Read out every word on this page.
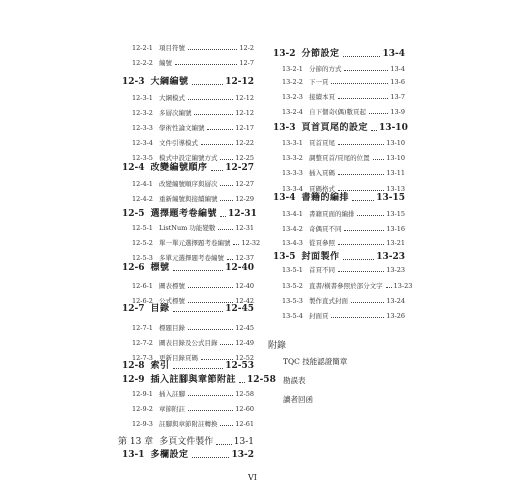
12-2-1 項目符號	12-2
12-2-2 編號	12-7
12-3 大綱編號	12-12
12-3-1 大綱模式	12-12
12-3-2 多層次編號	12-12
12-3-3 學術性論文編號	12-17
12-3-4 文件引導模式	12-22
12-3-5 模式中設定編號方式	12-25
12-4 改變編號順序 12-27
12-4-1 改變編號順序與層次	12-27
12-4-2 重新編號與接續編號	12-29
12-5 選擇題考卷編號 12-31
12-5-1 ListNum 功能變數	12-31
12-5-2 單一單元選擇題考卷編號 12-32
12-5-3 多單元選擇題考卷編號 12-37
12-6 標號	12-40
12-6-1 圖表標號	12-40
12-6-2 公式標號	12-42
12-7 目錄	12-45
12-7-1 標題目錄	12-45
12-7-2 圖表目錄及公式目錄	12-49
12-7-3 更新目錄頁碼	12-52
12-8 索引	12-53
12-9 插入註腳與章節附註 12-58
12-9-1 插入註腳	12-58
12-9-2 章節附註	12-60
12-9-3 註腳與章節附註轉換	12-61
第 13 章 多頁文件製作 13-1
13-1 多欄設定	13-2
13-2 分節設定	13-4
13-2-1 分節的方式	13-4
13-2-2 下一頁	13-6
13-2-3 接續本頁	13-7
13-2-4 自下個奇(偶)數頁起	13-9
13-3 頁首頁尾的設定 13-10
13-3-1 頁首頁尾	13-10
13-3-2 調整頁首/頁尾的位置	13-10
13-3-3 插入頁碼	13-11
13-3-4 頁碼格式	13-13
13-4 書籍的編排	13-15
13-4-1 書籍頁面的編排	13-15
13-4-2 奇偶頁不同	13-16
13-4-3 從頁參照	13-21
13-5 封面製作	13-23
13-5-1 首頁不同	13-23
13-5-2 直書/橫書參照於部分文字 13-23
13-5-3 製作直式封面	13-24
13-5-4 封面頁	13-26
附錄
TQC 技能認證簡章
勘誤表
讀者回函
VI
